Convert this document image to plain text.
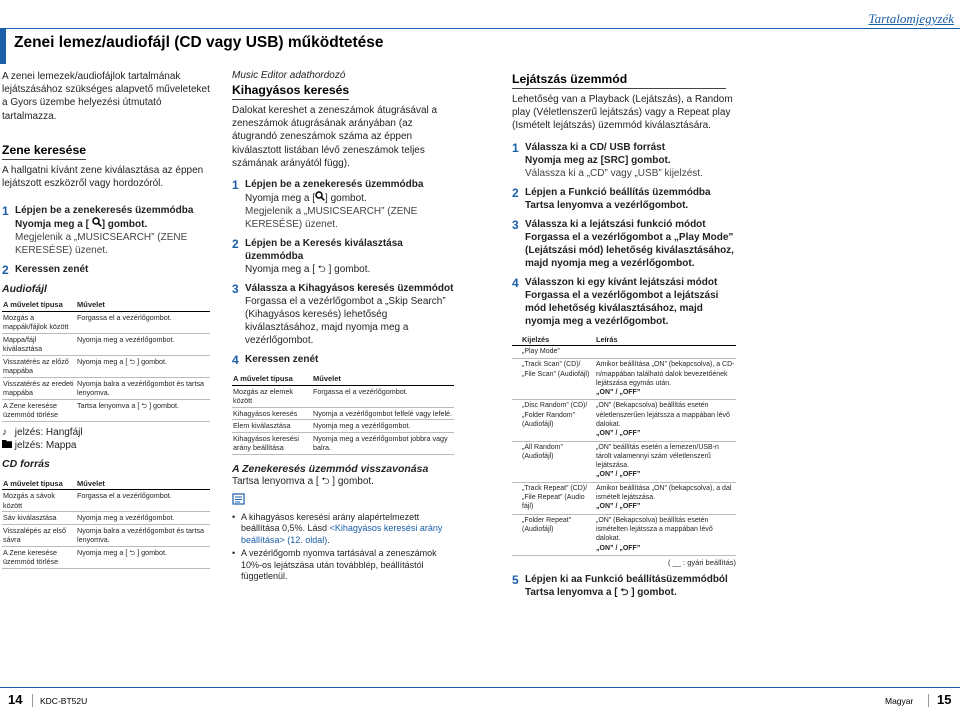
Tartalomjegyzék
Zenei lemez/audiofájl (CD vagy USB) működtetése

A zenei lemezek/audiofájlok tartalmának lejátszásához szükséges alapvető műveleteket a Gyors üzembe helyezési útmutató tartalmazza.

Zene keresése

A hallgatni kívánt zene kiválasztása az éppen lejátszott eszközről vagy hordozóról.

1 Lépjen be a zenekeresés üzemmódba
Nyomja meg a [ ] gombot.
Megjelenik a „MUSICSEARCH” (ZENE KERESÉSE) üzenet.
2 Keressen zenét
Audiofájl
A művelet típusa	Művelet
Mozgás a mappák/fájlok között	Forgassa el a vezérlőgombot.
Mappa/fájl kiválasztása	Nyomja meg a vezérlőgombot.
Visszatérés az előző mappába	Nyomja meg a [ ⮌ ] gombot.
Visszatérés az eredeti mappába	Nyomja balra a vezérlőgombot és tartsa lenyomva.
A Zene keresése üzemmód törlése	Tartsa lenyomva a [ ⮌ ] gombot.
♪ jelzés: Hangfájl
jelzés: Mappa
CD forrás
A művelet típusa	Művelet
Mozgás a sávok között	Forgassa el a vezérlőgombot.
Sáv kiválasztása	Nyomja meg a vezérlőgombot.
Visszalépés az első sávra	Nyomja balra a vezérlőgombot és tartsa lenyomva.
A Zene keresése üzemmód törlése	Nyomja meg a [ ⮌ ] gombot.

Music Editor adathordozó

Kihagyásos keresés

Dalokat kereshet a zeneszámok átugrásával a zeneszámok átugrásának arányában (az átugrandó zeneszámok száma az éppen kiválasztott listában lévő zeneszámok teljes számának arányától függ).

1 Lépjen be a zenekeresés üzemmódba
Nyomja meg a [ ] gombot.
Megjelenik a „MUSICSEARCH” (ZENE KERESÉSE) üzenet.
2 Lépjen be a Keresés kiválasztása üzemmódba
Nyomja meg a [ ⮌ ] gombot.
3 Válassza a Kihagyásos keresés üzemmódot
Forgassa el a vezérlőgombot a „Skip Search” (Kihagyásos keresés) lehetőség kiválasztásához, majd nyomja meg a vezérlőgombot.
4 Keressen zenét
A művelet típusa	Művelet
Mozgás az elemek között	Forgassa el a vezérlőgombot.
Kihagyásos keresés	Nyomja a vezérlőgombot felfelé vagy lefelé.
Elem kiválasztása	Nyomja meg a vezérlőgombot.
Kihagyásos keresési arány beállítása	Nyomja meg a vezérlőgombot jobbra vagy balra.
A Zenekeresés üzemmód visszavonása
Tartsa lenyomva a [ ⮌ ] gombot.
• A kihagyásos keresési arány alapértelmezett beállítása 0,5%. Lásd <Kihagyásos keresési arány beállítása> (12. oldal).
• A vezérlőgomb nyomva tartásával a zeneszámok 10%-os lejátszása után továbblép, beállítástól függetlenül.
Lejátszás üzemmód

Lehetőség van a Playback (Lejátszás), a Random play (Véletlenszerű lejátszás) vagy a Repeat play (Ismételt lejátszás) üzemmód kiválasztására.

1 Válassza ki a CD/ USB forrást
Nyomja meg az [SRC] gombot.
Válassza ki a „CD” vagy „USB” kijelzést.
2 Lépjen a Funkció beállítás üzemmódba
Tartsa lenyomva a vezérlőgombot.
3 Válassza ki a lejátszási funkció módot
Forgassa el a vezérlőgombot a „Play Mode” (Lejátszási mód) lehetőség kiválasztásához, majd nyomja meg a vezérlőgombot.
4 Válasszon ki egy kívánt lejátszási módot
Forgassa el a vezérlőgombot a lejátszási mód lehetőség kiválasztásához, majd nyomja meg a vezérlőgombot.
Kijelzés	Leírás
„Play Mode”	
„Track Scan” (CD)/ „File Scan” (Audiofájl)	Amikor beállítása „ON” (bekapcsolva), a CD-n/mappában található dalok bevezetőének lejátszása egymás után.
„ON” / „OFF”

„Disc Random” (CD)/ „Folder Random” (Audiofájl)	„ON” (Bekapcsolva) beállítás esetén véletlenszerűen lejátssza a mappában lévő dalokat.
„ON” / „OFF”

„All Random” (Audiofájl)	„ON” beállítás esetén a lemezen/USB-n tárolt valamennyi szám véletlenszerű lejátszása.
„ON” / „OFF”

„Track Repeat” (CD)/ „File Repeat” (Audio fájl)	Amikor beállítása „ON” (bekapcsolva), a dal ismételt lejátszása.
„ON” / „OFF”

„Folder Repeat” (Audiofájl)	„ON” (Bekapcsolva) beállítás esetén ismételten lejátssza a mappában lévő dalokat.
„ON” / „OFF”
( __ : gyári beállítás)
5 Lépjen ki aa Funkció beállításüzemmódból
Tartsa lenyomva a [ ⮌ ] gombot.
14 KDC-BT52U	Magyar 15
